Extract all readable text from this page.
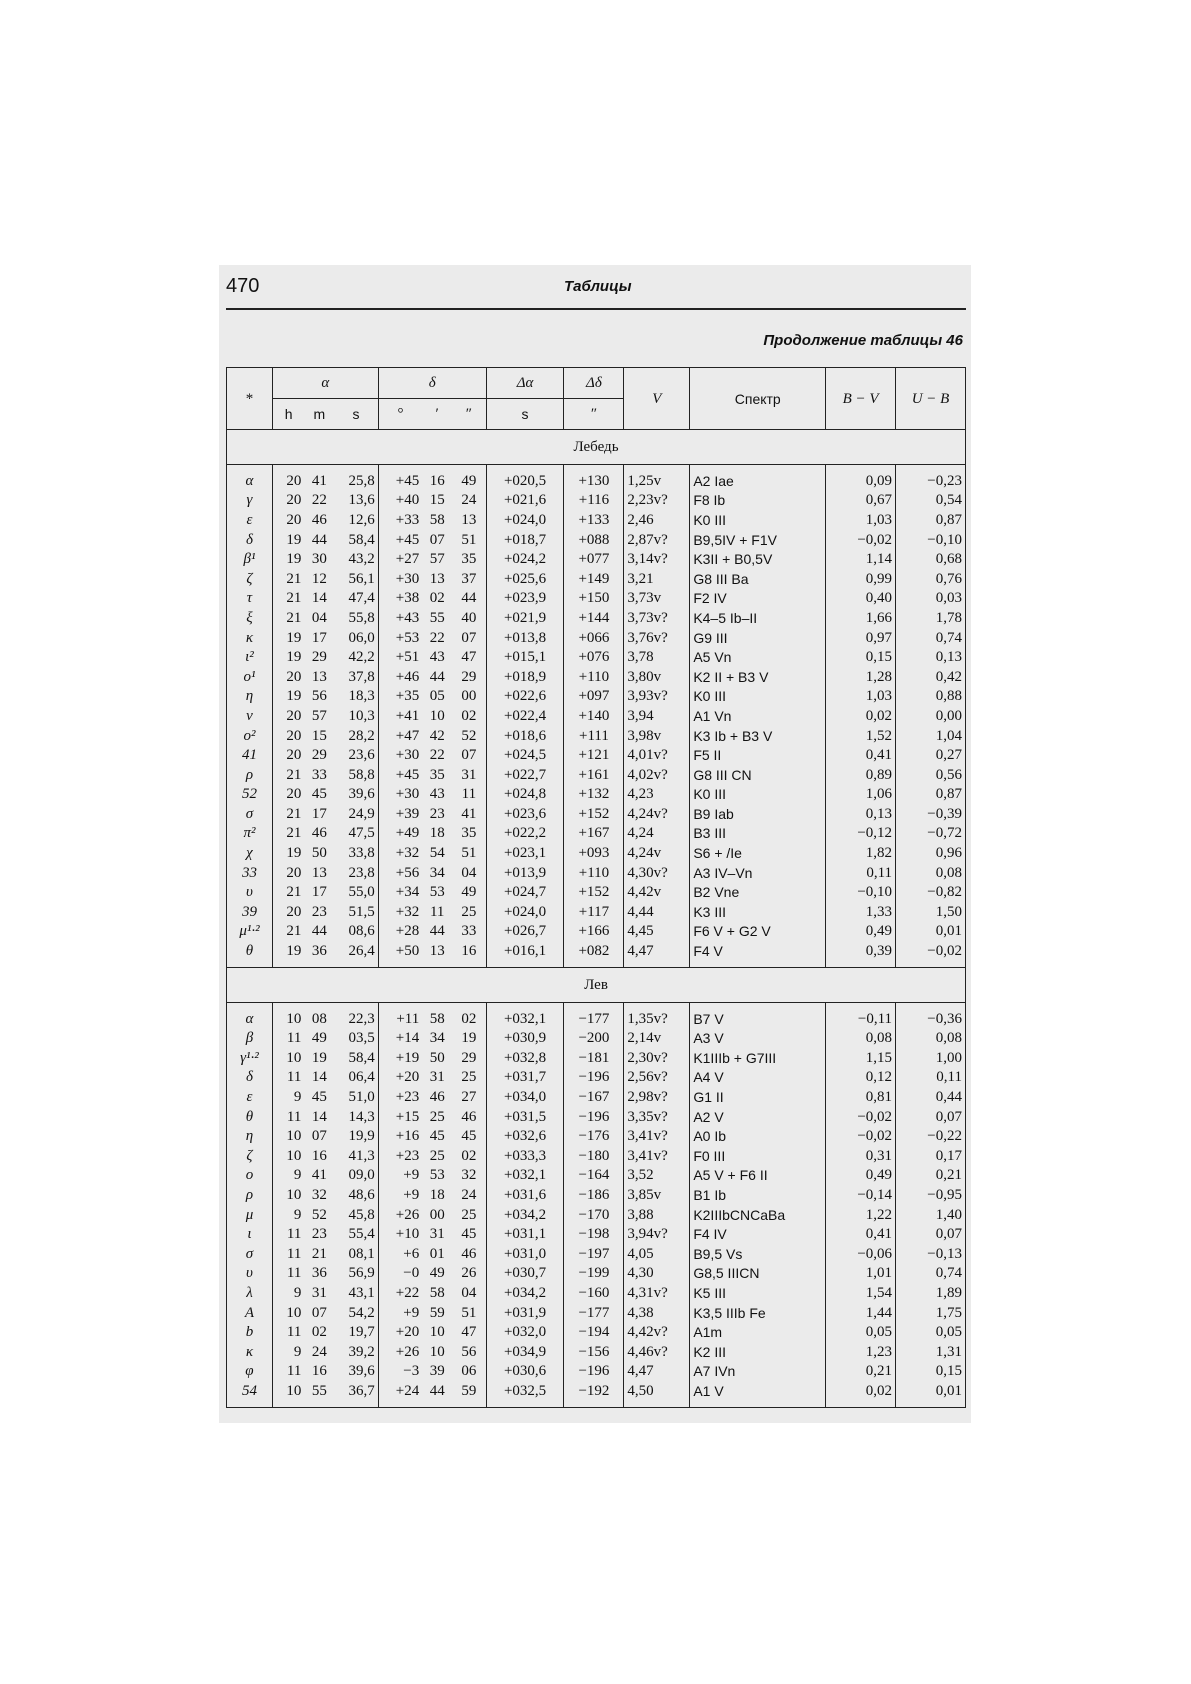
470	Таблицы
Продолжение таблицы 46
*	α			δ			Δα	Δδ	V	Спектр	B − V	U − B
	h	m	s	°	′	″	s	″				
Лебедь												
α	20	41	25,8	+45	16	49	+020,5	+130	1,25v	A2 Iae	0,09	−0,23
γ	20	22	13,6	+40	15	24	+021,6	+116	2,23v?	F8 Ib	0,67	0,54
ε	20	46	12,6	+33	58	13	+024,0	+133	2,46	K0 III	1,03	0,87
δ	19	44	58,4	+45	07	51	+018,7	+088	2,87v?	B9,5IV + F1V	−0,02	−0,10
β¹	19	30	43,2	+27	57	35	+024,2	+077	3,14v?	K3II + B0,5V	1,14	0,68
ζ	21	12	56,1	+30	13	37	+025,6	+149	3,21	G8 III Ba	0,99	0,76
τ	21	14	47,4	+38	02	44	+023,9	+150	3,73v	F2 IV	0,40	0,03
ξ	21	04	55,8	+43	55	40	+021,9	+144	3,73v?	K4–5 Ib–II	1,66	1,78
κ	19	17	06,0	+53	22	07	+013,8	+066	3,76v?	G9 III	0,97	0,74
ι²	19	29	42,2	+51	43	47	+015,1	+076	3,78	A5 Vn	0,15	0,13
o¹	20	13	37,8	+46	44	29	+018,9	+110	3,80v	K2 II + B3 V	1,28	0,42
η	19	56	18,3	+35	05	00	+022,6	+097	3,93v?	K0 III	1,03	0,88
ν	20	57	10,3	+41	10	02	+022,4	+140	3,94	A1 Vn	0,02	0,00
o²	20	15	28,2	+47	42	52	+018,6	+111	3,98v	K3 Ib + B3 V	1,52	1,04
41	20	29	23,6	+30	22	07	+024,5	+121	4,01v?	F5 II	0,41	0,27
ρ	21	33	58,8	+45	35	31	+022,7	+161	4,02v?	G8 III CN	0,89	0,56
52	20	45	39,6	+30	43	11	+024,8	+132	4,23	K0 III	1,06	0,87
σ	21	17	24,9	+39	23	41	+023,6	+152	4,24v?	B9 Iab	0,13	−0,39
π²	21	46	47,5	+49	18	35	+022,2	+167	4,24	B3 III	−0,12	−0,72
χ	19	50	33,8	+32	54	51	+023,1	+093	4,24v	S6 + /Ie	1,82	0,96
33	20	13	23,8	+56	34	04	+013,9	+110	4,30v?	A3 IV–Vn	0,11	0,08
υ	21	17	55,0	+34	53	49	+024,7	+152	4,42v	B2 Vne	−0,10	−0,82
39	20	23	51,5	+32	11	25	+024,0	+117	4,44	K3 III	1,33	1,50
μ¹·²	21	44	08,6	+28	44	33	+026,7	+166	4,45	F6 V + G2 V	0,49	0,01
θ	19	36	26,4	+50	13	16	+016,1	+082	4,47	F4 V	0,39	−0,02
Лев												
α	10	08	22,3	+11	58	02	+032,1	−177	1,35v?	B7 V	−0,11	−0,36
β	11	49	03,5	+14	34	19	+030,9	−200	2,14v	A3 V	0,08	0,08
γ¹·²	10	19	58,4	+19	50	29	+032,8	−181	2,30v?	K1IIIb + G7III	1,15	1,00
δ	11	14	06,4	+20	31	25	+031,7	−196	2,56v?	A4 V	0,12	0,11
ε	9	45	51,0	+23	46	27	+034,0	−167	2,98v?	G1 II	0,81	0,44
θ	11	14	14,3	+15	25	46	+031,5	−196	3,35v?	A2 V	−0,02	0,07
η	10	07	19,9	+16	45	45	+032,6	−176	3,41v?	A0 Ib	−0,02	−0,22
ζ	10	16	41,3	+23	25	02	+033,3	−180	3,41v?	F0 III	0,31	0,17
ο	9	41	09,0	+9	53	32	+032,1	−164	3,52	A5 V + F6 II	0,49	0,21
ρ	10	32	48,6	+9	18	24	+031,6	−186	3,85v	B1 Ib	−0,14	−0,95
μ	9	52	45,8	+26	00	25	+034,2	−170	3,88	K2IIIbCNCaBa	1,22	1,40
ι	11	23	55,4	+10	31	45	+031,1	−198	3,94v?	F4 IV	0,41	0,07
σ	11	21	08,1	+6	01	46	+031,0	−197	4,05	B9,5 Vs	−0,06	−0,13
υ	11	36	56,9	−0	49	26	+030,7	−199	4,30	G8,5 IIICN	1,01	0,74
λ	9	31	43,1	+22	58	04	+034,2	−160	4,31v?	K5 III	1,54	1,89
A	10	07	54,2	+9	59	51	+031,9	−177	4,38	K3,5 IIIb Fe	1,44	1,75
b	11	02	19,7	+20	10	47	+032,0	−194	4,42v?	A1m	0,05	0,05
κ	9	24	39,2	+26	10	56	+034,9	−156	4,46v?	K2 III	1,23	1,31
φ	11	16	39,6	−3	39	06	+030,6	−196	4,47	A7 IVn	0,21	0,15
54	10	55	36,7	+24	44	59	+032,5	−192	4,50	A1 V	0,02	0,01
